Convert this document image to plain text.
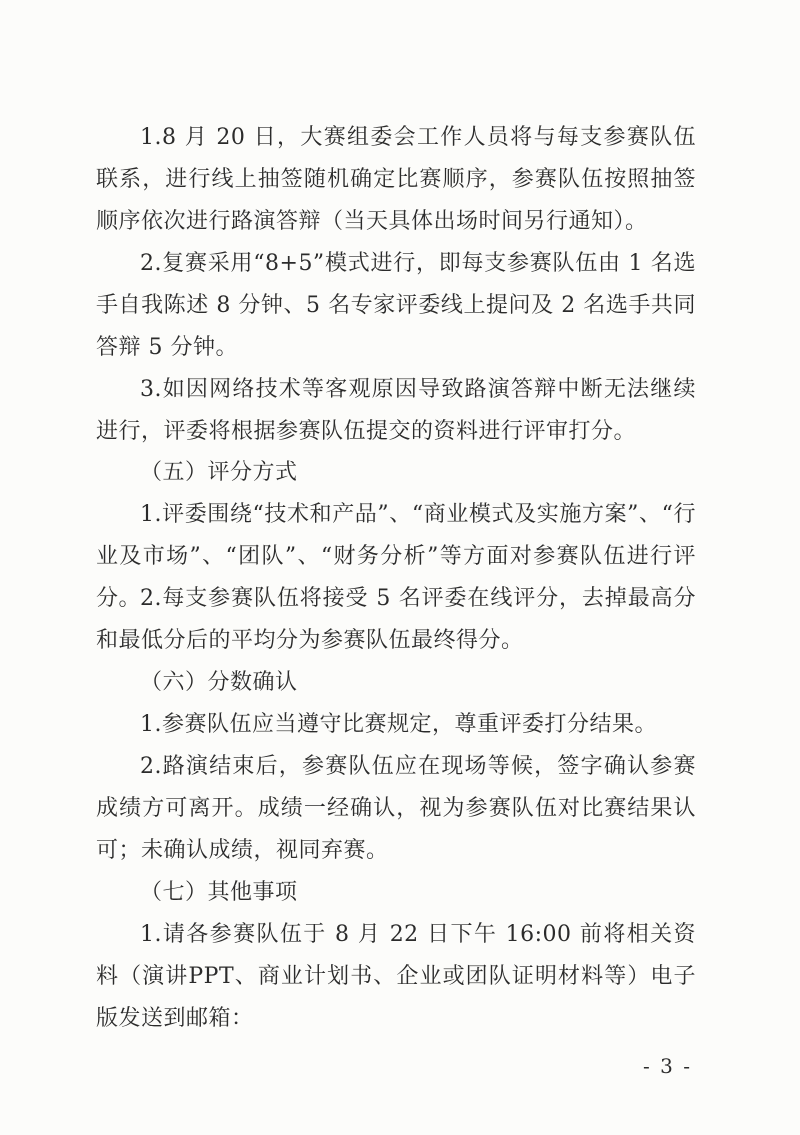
1.8 月 20 日，大赛组委会工作人员将与每支参赛队伍联系，进行线上抽签随机确定比赛顺序，参赛队伍按照抽签顺序依次进行路演答辩（当天具体出场时间另行通知）。

2.复赛采用“8+5”模式进行，即每支参赛队伍由 1 名选手自我陈述 8 分钟、5 名专家评委线上提问及 2 名选手共同答辩 5 分钟。

3.如因网络技术等客观原因导致路演答辩中断无法继续进行，评委将根据参赛队伍提交的资料进行评审打分。

（五）评分方式

1.评委围绕“技术和产品”、“商业模式及实施方案”、“行业及市场”、“团队”、“财务分析”等方面对参赛队伍进行评分。

2.每支参赛队伍将接受 5 名评委在线评分，去掉最高分和最低分后的平均分为参赛队伍最终得分。

（六）分数确认

1.参赛队伍应当遵守比赛规定，尊重评委打分结果。

2.路演结束后，参赛队伍应在现场等候，签字确认参赛成绩方可离开。成绩一经确认，视为参赛队伍对比赛结果认可；未确认成绩，视同弃赛。

（七）其他事项

1.请各参赛队伍于 8 月 22 日下午 16:00 前将相关资料（演讲PPT、商业计划书、企业或团队证明材料等）电子版发送到邮箱：

- 3 -
